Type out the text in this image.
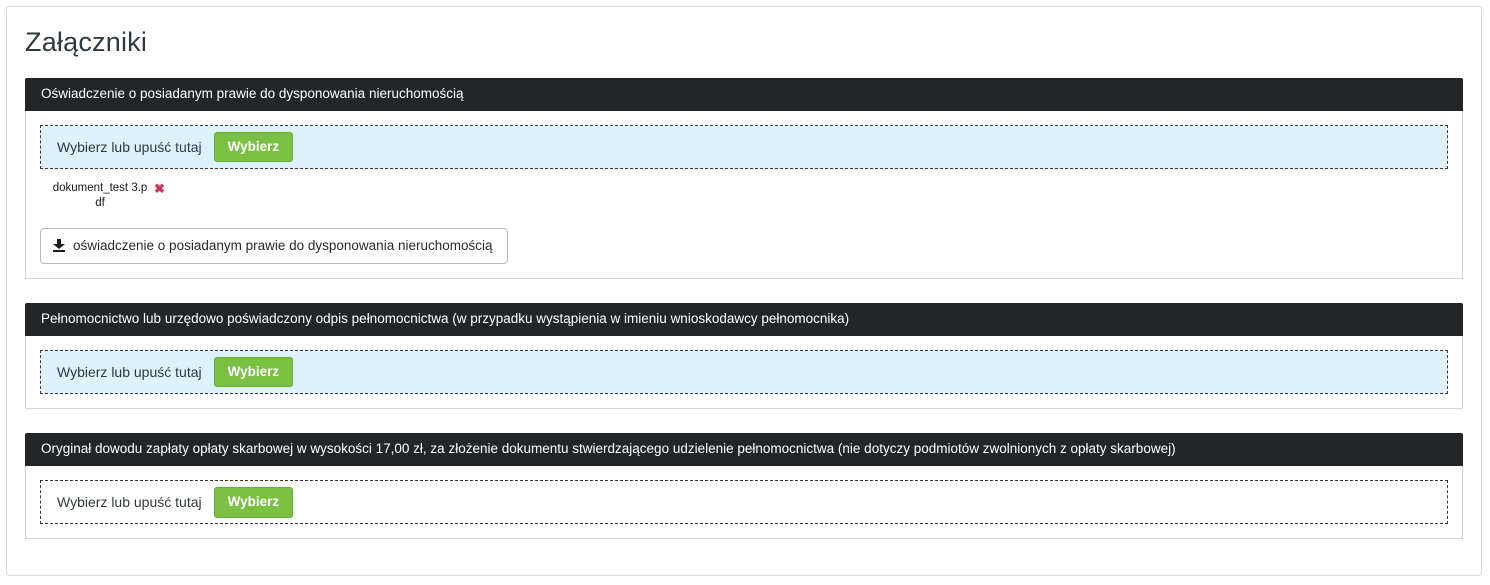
Załączniki
Oświadczenie o posiadanym prawie do dysponowania nieruchomością
Wybierz lub upuść tutaj	Wybierz
dokument_test 3.pdf
✖
oświadczenie o posiadanym prawie do dysponowania nieruchomością
Pełnomocnictwo lub urzędowo poświadczony odpis pełnomocnictwa (w przypadku wystąpienia w imieniu wnioskodawcy pełnomocnika)
Wybierz lub upuść tutaj	Wybierz
Oryginał dowodu zapłaty opłaty skarbowej w wysokości 17,00 zł, za złożenie dokumentu stwierdzającego udzielenie pełnomocnictwa (nie dotyczy podmiotów zwolnionych z opłaty skarbowej)
Wybierz lub upuść tutaj	Wybierz
